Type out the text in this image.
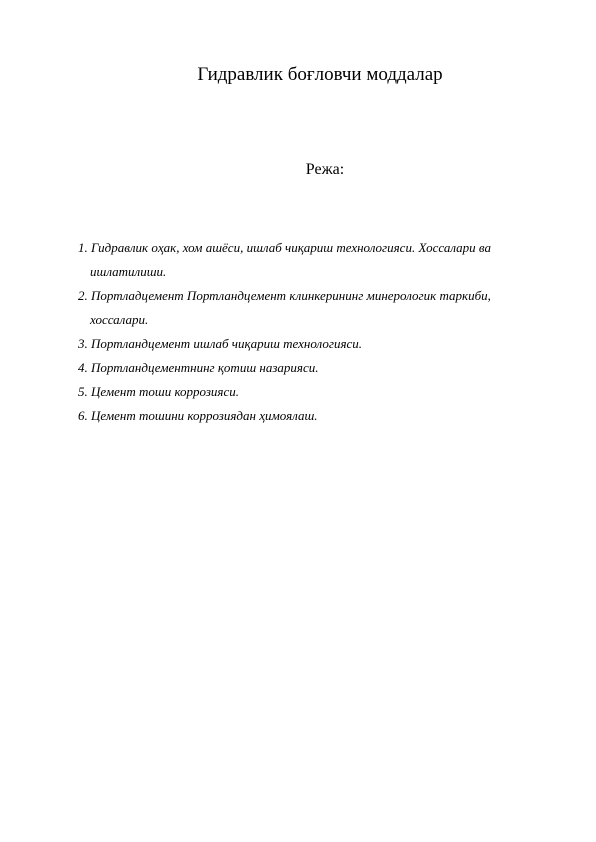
Гидравлик боғловчи моддалар
Режа:
1. Гидравлик оҳак, хом ашёси, ишлаб чиқариш технологияси. Хоссалари ва ишлатилиши.
2. Портладцемент Портландцемент клинкерининг минерологик таркиби, хоссалари.
3. Портландцемент ишлаб чиқариш технологияси.
4. Портландцементнинг қотиш назарияси.
5. Цемент тоши коррозияси.
6. Цемент тошини коррозиядан ҳимоялаш.
